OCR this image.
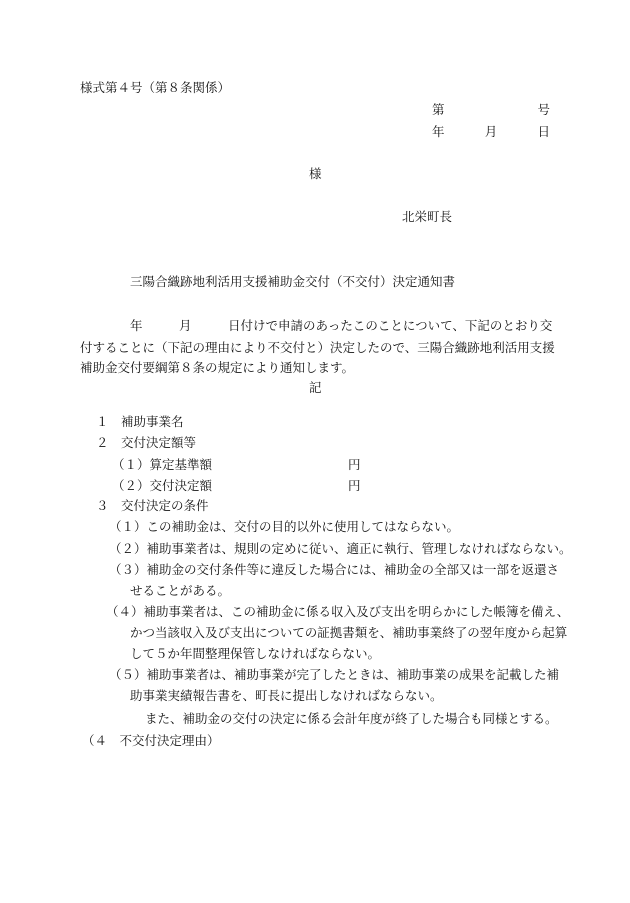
様式第４号（第８条関係）
第	号
年	月	日
様
北栄町長
三陽合織跡地利活用支援補助金交付（不交付）決定通知書
年	月	日付けで申請のあったこのことについて、下記のとおり交
付することに（下記の理由により不交付と）決定したので、三陽合織跡地利活用支援
補助金交付要綱第８条の規定により通知します。
記
１　補助事業名
２　交付決定額等
（１）算定基準額	円
（２）交付決定額	円
３　交付決定の条件
（１）この補助金は、交付の目的以外に使用してはならない。
（２）補助事業者は、規則の定めに従い、適正に執行、管理しなければならない。
（３）補助金の交付条件等に違反した場合には、補助金の全部又は一部を返還さ
せることがある。
（４）補助事業者は、この補助金に係る収入及び支出を明らかにした帳簿を備え、
かつ当該収入及び支出についての証拠書類を、補助事業終了の翌年度から起算
して５か年間整理保管しなければならない。
（５）補助事業者は、補助事業が完了したときは、補助事業の成果を記載した補
助事業実績報告書を、町長に提出しなければならない。
また、補助金の交付の決定に係る会計年度が終了した場合も同様とする。
（４　不交付決定理由）
